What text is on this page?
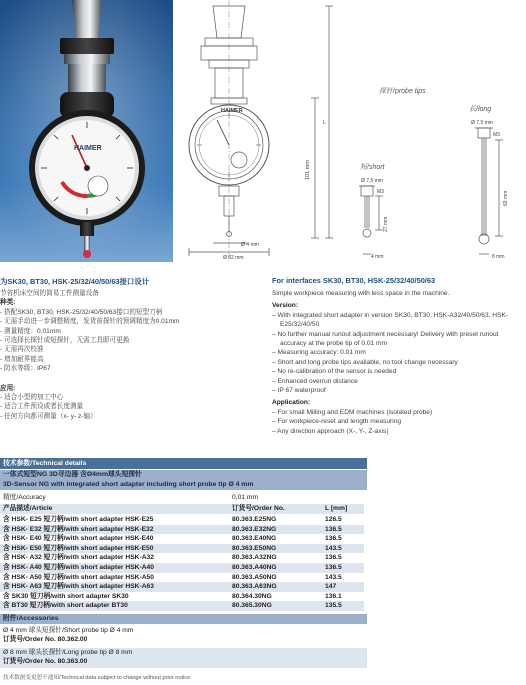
HAIMER
HAIMER
101 mm
L
Ø 4 mm
Ø 62 mm
探针/probe tips
短/short
长/long
Ø 7,5 mm
M3
27 mm
4 mm
Ø 7,5 mm
M3
69 mm
8 mm
为SK30, BT30, HSK-25/32/40/50/63接口设计	For interfaces SK30, BT30, HSK-25/32/40/50/63
节省机床空间的简易工件测量设备
种类:
- 搭配SK30, BT30, HSK-25/32/40/50/63接口的短型刀柄
- 无需手动进一步调整精度，发货前探针的预调精度为0.01mm
- 测量精度：0.01mm
- 可选择长探针或短探针，无需工具即可更换
- 无需再次校准
- 增加耐界能高
- 防水等级：IP67
应用:
- 适合小型的加工中心
- 适合工件预设或者长度测量
- 任何方向都可测量（x- y- z-轴）
Simple workpiece measuring with less space in the machine.
Version:
– With integrated short adapter in version SK30, BT30, HSK-A32/40/50/63, HSK-E25/32/40/50
– No further manual runout adjustment necessary! Delivery with preset runout accuracy at the probe tip of 0.01 mm
– Measuring accuracy: 0.01 mm
– Short and long probe tips available, no tool change necessary
– No re-calibration of the sensor is needed
– Enhanced overrun distance
– IP 67 waterproof
Application:
– For small Milling and EDM machines (isolated probe)
– For workpiece-reset and length measuring
– Any direction approach (X-, Y-, Z-axis)
技术参数/Technical details
一体式短型NG 3D寻边器 含Ø4mm球头短探针
3D-Sensor NG with integrated short adapter including short probe tip Ø 4 mm
精度/Accuracy	0,01 mm
产品描述/Article	订货号/Order No.	L [mm]
含 HSK- E25 短刀柄/with short adapter HSK-E25	80.363.E25NG	126.5
含 HSK- E32 短刀柄/with short adapter HSK-E32	80.363.E32NG	136.5
含 HSK- E40 短刀柄/with short adapter HSK-E40	80.363.E40NG	136.5
含 HSK- E50 短刀柄/with short adapter HSK-E50	80.363.E50NG	143.5
含 HSK- A32 短刀柄/with short adapter HSK-A32	80.363.A32NG	136.5
含 HSK- A40 短刀柄/with short adapter HSK-A40	80.363.A40NG	136.5
含 HSK- A50 短刀柄/with short adapter HSK-A50	80.363.A50NG	143.5
含 HSK- A63 短刀柄/with short adapter HSK-A63	80.363.A63NG	147
含 SK30 短刀柄/with short adapter SK30	80.364.30NG	136.1
含 BT30 短刀柄/with short adapter BT30	80.365.30NG	135.5
附件/Accessories
Ø 4 mm 球头短探针/Short probe tip Ø 4 mm
订货号/Order No. 80.362.00
Ø 8 mm 球头长探针/Long probe tip Ø 8 mm
订货号/Order No. 80.363.00
技术数据变更恕不通知/Technical data subject to change without prior notice
